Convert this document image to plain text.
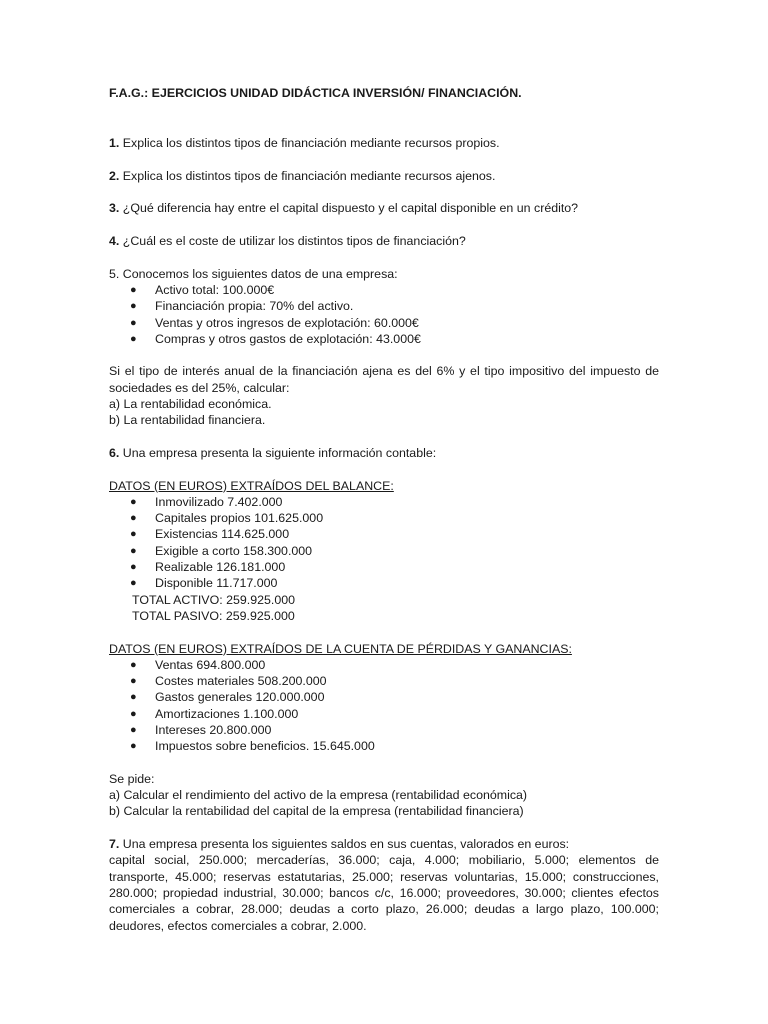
F.A.G.: EJERCICIOS UNIDAD DIDÁCTICA INVERSIÓN/ FINANCIACIÓN.
1. Explica los distintos tipos de financiación mediante recursos propios.
2. Explica los distintos tipos de financiación mediante recursos ajenos.
3. ¿Qué diferencia hay entre el capital dispuesto y el capital disponible en un crédito?
4. ¿Cuál es el coste de utilizar los distintos tipos de financiación?
5. Conocemos los siguientes datos de una empresa:
● Activo total: 100.000€
● Financiación propia: 70% del activo.
● Ventas y otros ingresos de explotación: 60.000€
● Compras y otros gastos de explotación: 43.000€
Si el tipo de interés anual de la financiación ajena es del 6% y el tipo impositivo del impuesto de sociedades es del 25%, calcular:
a) La rentabilidad económica.
b) La rentabilidad financiera.
6. Una empresa presenta la siguiente información contable:
DATOS (EN EUROS) EXTRAÍDOS DEL BALANCE:
● Inmovilizado 7.402.000
● Capitales propios 101.625.000
● Existencias 114.625.000
● Exigible a corto 158.300.000
● Realizable 126.181.000
● Disponible 11.717.000
TOTAL ACTIVO: 259.925.000
TOTAL PASIVO: 259.925.000
DATOS (EN EUROS) EXTRAÍDOS DE LA CUENTA DE PÉRDIDAS Y GANANCIAS:
● Ventas 694.800.000
● Costes materiales 508.200.000
● Gastos generales 120.000.000
● Amortizaciones 1.100.000
● Intereses 20.800.000
● Impuestos sobre beneficios. 15.645.000
Se pide:
a) Calcular el rendimiento del activo de la empresa (rentabilidad económica)
b) Calcular la rentabilidad del capital de la empresa (rentabilidad financiera)
7. Una empresa presenta los siguientes saldos en sus cuentas, valorados en euros:
capital social, 250.000; mercaderías, 36.000; caja, 4.000; mobiliario, 5.000; elementos de transporte, 45.000; reservas estatutarias, 25.000; reservas voluntarias, 15.000; construcciones, 280.000; propiedad industrial, 30.000; bancos c/c, 16.000; proveedores, 30.000; clientes efectos comerciales a cobrar, 28.000; deudas a corto plazo, 26.000; deudas a largo plazo, 100.000; deudores, efectos comerciales a cobrar, 2.000.
